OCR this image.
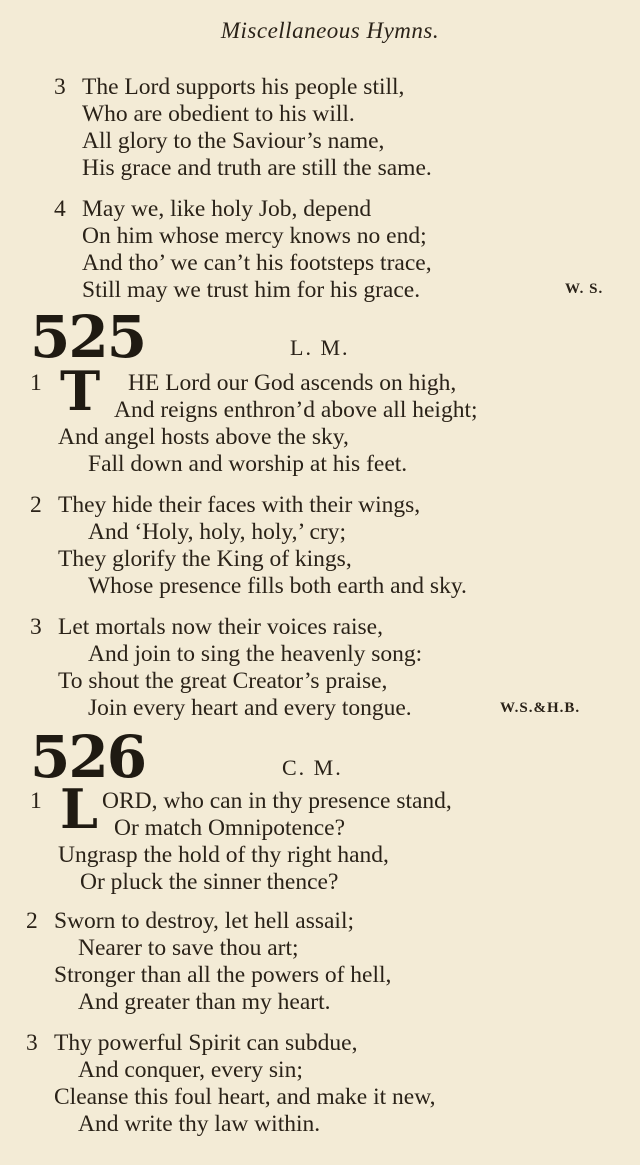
Miscellaneous Hymns.
3 The Lord supports his people still,
Who are obedient to his will.
All glory to the Saviour’s name,
His grace and truth are still the same.
4 May we, like holy Job, depend
On him whose mercy knows no end;
And tho’ we can’t his footsteps trace,
Still may we trust him for his grace.	W. S.
525	L. M.
T
1	HE Lord our God ascends on high,
And reigns enthron’d above all height;
And angel hosts above the sky,
Fall down and worship at his feet.
2 They hide their faces with their wings,
And ‘Holy, holy, holy,’ cry;
They glorify the King of kings,
Whose presence fills both earth and sky.
3 Let mortals now their voices raise,
And join to sing the heavenly song:
To shout the great Creator’s praise,
Join every heart and every tongue.	W.S.&H.B.
526	C. M.
L
1	ORD, who can in thy presence stand,
Or match Omnipotence?
Ungrasp the hold of thy right hand,
Or pluck the sinner thence?
2 Sworn to destroy, let hell assail;
Nearer to save thou art;
Stronger than all the powers of hell,
And greater than my heart.
3 Thy powerful Spirit can subdue,
And conquer, every sin;
Cleanse this foul heart, and make it new,
And write thy law within.
